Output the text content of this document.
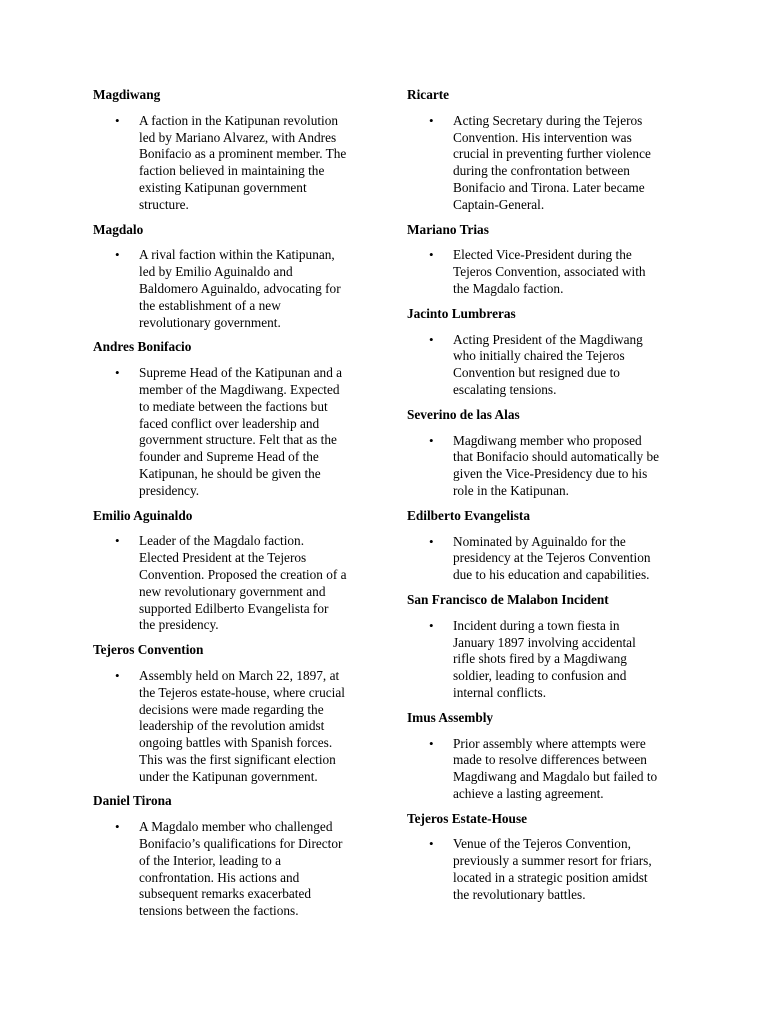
Magdiwang
• A faction in the Katipunan revolution
led by Mariano Alvarez, with Andres
Bonifacio as a prominent member. The
faction believed in maintaining the
existing Katipunan government
structure.
Magdalo
• A rival faction within the Katipunan,
led by Emilio Aguinaldo and
Baldomero Aguinaldo, advocating for
the establishment of a new
revolutionary government.
Andres Bonifacio
• Supreme Head of the Katipunan and a
member of the Magdiwang. Expected
to mediate between the factions but
faced conflict over leadership and
government structure. Felt that as the
founder and Supreme Head of the
Katipunan, he should be given the
presidency.
Emilio Aguinaldo
• Leader of the Magdalo faction.
Elected President at the Tejeros
Convention. Proposed the creation of a
new revolutionary government and
supported Edilberto Evangelista for
the presidency.
Tejeros Convention
• Assembly held on March 22, 1897, at
the Tejeros estate-house, where crucial
decisions were made regarding the
leadership of the revolution amidst
ongoing battles with Spanish forces.
This was the first significant election
under the Katipunan government.
Daniel Tirona
• A Magdalo member who challenged
Bonifacio’s qualifications for Director
of the Interior, leading to a
confrontation. His actions and
subsequent remarks exacerbated
tensions between the factions.
Ricarte
• Acting Secretary during the Tejeros
Convention. His intervention was
crucial in preventing further violence
during the confrontation between
Bonifacio and Tirona. Later became
Captain-General.
Mariano Trias
• Elected Vice-President during the
Tejeros Convention, associated with
the Magdalo faction.
Jacinto Lumbreras
• Acting President of the Magdiwang
who initially chaired the Tejeros
Convention but resigned due to
escalating tensions.
Severino de las Alas
• Magdiwang member who proposed
that Bonifacio should automatically be
given the Vice-Presidency due to his
role in the Katipunan.
Edilberto Evangelista
• Nominated by Aguinaldo for the
presidency at the Tejeros Convention
due to his education and capabilities.
San Francisco de Malabon Incident
• Incident during a town fiesta in
January 1897 involving accidental
rifle shots fired by a Magdiwang
soldier, leading to confusion and
internal conflicts.
Imus Assembly
• Prior assembly where attempts were
made to resolve differences between
Magdiwang and Magdalo but failed to
achieve a lasting agreement.
Tejeros Estate-House
• Venue of the Tejeros Convention,
previously a summer resort for friars,
located in a strategic position amidst
the revolutionary battles.
